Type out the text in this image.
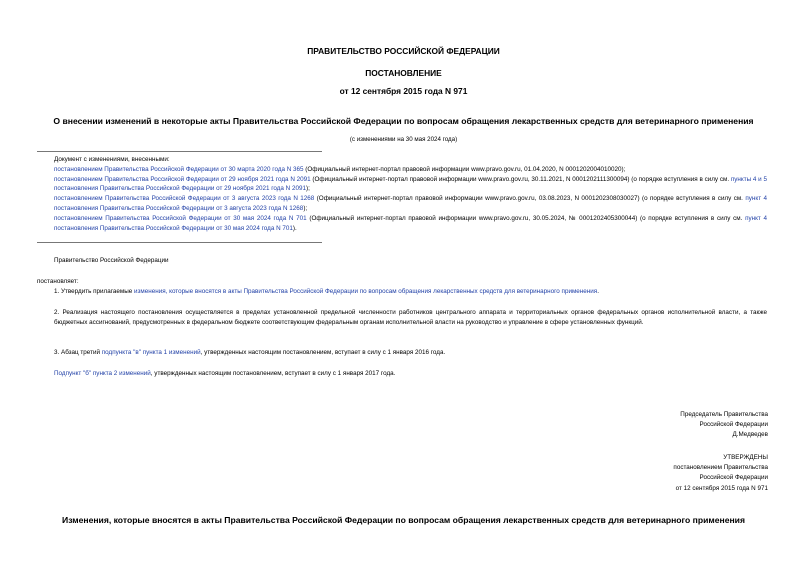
ПРАВИТЕЛЬСТВО РОССИЙСКОЙ ФЕДЕРАЦИИ
ПОСТАНОВЛЕНИЕ
от 12 сентября 2015 года N 971
О внесении изменений в некоторые акты Правительства Российской Федерации по вопросам обращения лекарственных средств для ветеринарного применения
(с изменениями на 30 мая 2024 года)
Документ с изменениями, внесенными:
постановлением Правительства Российской Федерации от 30 марта 2020 года N 365 (Официальный интернет-портал правовой информации www.pravo.gov.ru, 01.04.2020, N 0001202004010020);
постановлением Правительства Российской Федерации от 29 ноября 2021 года N 2091 (Официальный интернет-портал правовой информации www.pravo.gov.ru, 30.11.2021, N 0001202111300094) (о порядке вступления в силу см. пункты 4 и 5 постановления Правительства Российской Федерации от 29 ноября 2021 года N 2091);
постановлением Правительства Российской Федерации от 3 августа 2023 года N 1268 (Официальный интернет-портал правовой информации www.pravo.gov.ru, 03.08.2023, N 0001202308030027) (о порядке вступления в силу см. пункт 4 постановления Правительства Российской Федерации от 3 августа 2023 года N 1268);
постановлением Правительства Российской Федерации от 30 мая 2024 года N 701 (Официальный интернет-портал правовой информации www.pravo.gov.ru, 30.05.2024, № 0001202405300044) (о порядке вступления в силу см. пункт 4 постановления Правительства Российской Федерации от 30 мая 2024 года N 701).
Правительство Российской Федерации
постановляет:
1. Утвердить прилагаемые изменения, которые вносятся в акты Правительства Российской Федерации по вопросам обращения лекарственных средств для ветеринарного применения.
2. Реализация настоящего постановления осуществляется в пределах установленной предельной численности работников центрального аппарата и территориальных органов федеральных органов исполнительной власти, а также бюджетных ассигнований, предусмотренных в федеральном бюджете соответствующим федеральным органам исполнительной власти на руководство и управление в сфере установленных функций.
3. Абзац третий подпункта "в" пункта 1 изменений, утвержденных настоящим постановлением, вступает в силу с 1 января 2016 года.
Подпункт "б" пункта 2 изменений, утвержденных настоящим постановлением, вступает в силу с 1 января 2017 года.
Председатель Правительства
Российской Федерации
Д.Медведев
УТВЕРЖДЕНЫ
постановлением Правительства
Российской Федерации
от 12 сентября 2015 года N 971
Изменения, которые вносятся в акты Правительства Российской Федерации по вопросам обращения лекарственных средств для ветеринарного применения
